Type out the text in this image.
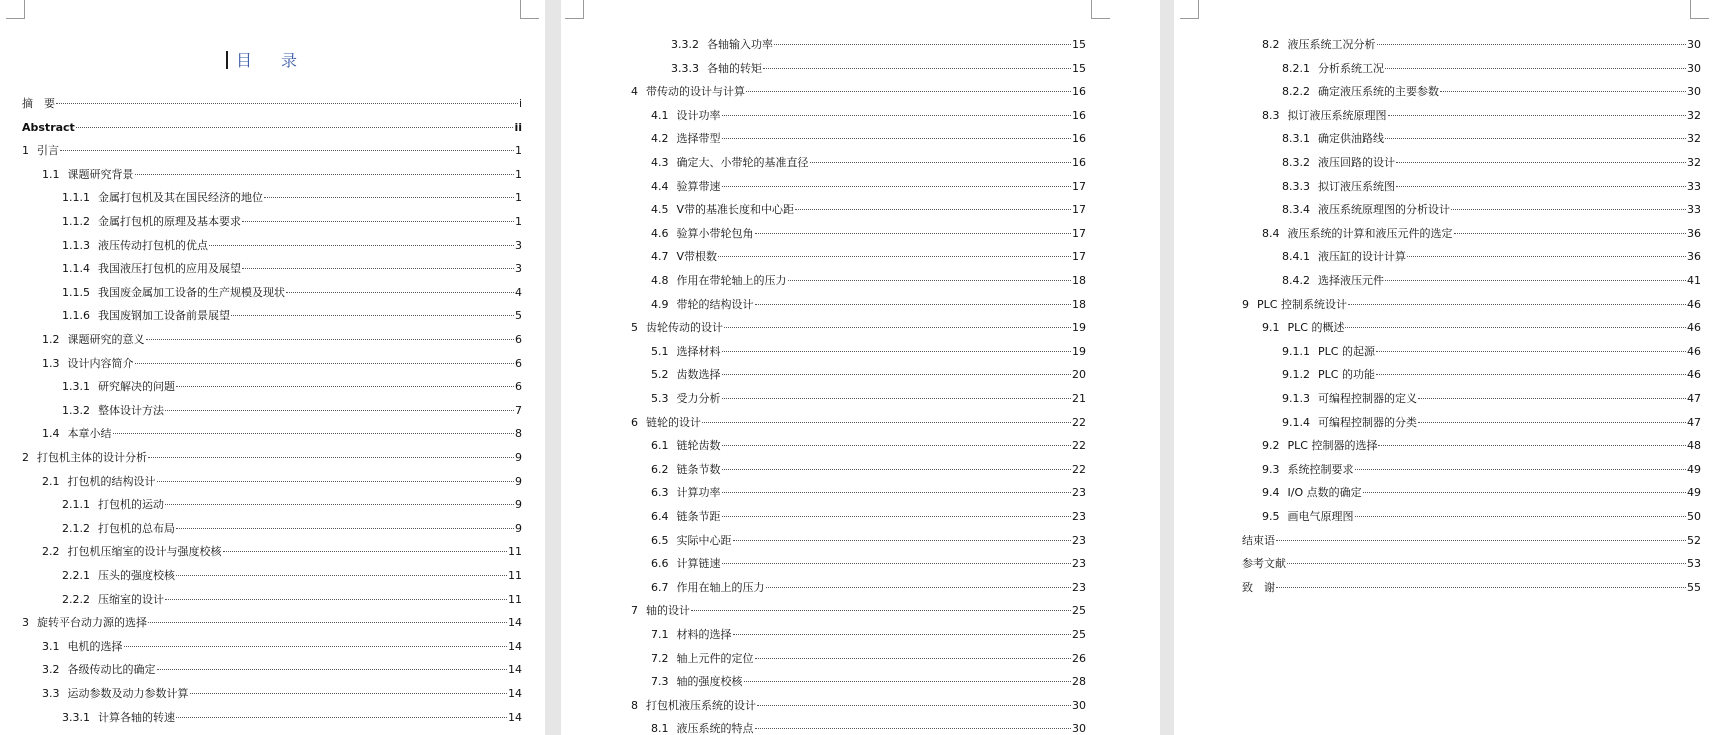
目 录
摘　要	i
Abstract	ii
1 引言	1
1.1 课题研究背景	1
1.1.1 金属打包机及其在国民经济的地位	1
1.1.2 金属打包机的原理及基本要求	1
1.1.3 液压传动打包机的优点	3
1.1.4 我国液压打包机的应用及展望	3
1.1.5 我国废金属加工设备的生产规模及现状	4
1.1.6 我国废钢加工设备前景展望	5
1.2 课题研究的意义	6
1.3 设计内容简介	6
1.3.1 研究解决的问题	6
1.3.2 整体设计方法	7
1.4 本章小结	8
2 打包机主体的设计分析	9
2.1 打包机的结构设计	9
2.1.1 打包机的运动	9
2.1.2 打包机的总布局	9
2.2 打包机压缩室的设计与强度校核	11
2.2.1 压头的强度校核	11
2.2.2 压缩室的设计	11
3 旋转平台动力源的选择	14
3.1 电机的选择	14
3.2 各级传动比的确定	14
3.3 运动参数及动力参数计算	14
3.3.1 计算各轴的转速	14
3.3.2 各轴输入功率	15
3.3.3 各轴的转矩	15
4 带传动的设计与计算	16
4.1 设计功率	16
4.2 选择带型	16
4.3 确定大、小带轮的基准直径	16
4.4 验算带速	17
4.5 V带的基准长度和中心距	17
4.6 验算小带轮包角	17
4.7 V带根数	17
4.8 作用在带轮轴上的压力	18
4.9 带轮的结构设计	18
5 齿轮传动的设计	19
5.1 选择材料	19
5.2 齿数选择	20
5.3 受力分析	21
6 链轮的设计	22
6.1 链轮齿数	22
6.2 链条节数	22
6.3 计算功率	23
6.4 链条节距	23
6.5 实际中心距	23
6.6 计算链速	23
6.7 作用在轴上的压力	23
7 轴的设计	25
7.1 材料的选择	25
7.2 轴上元件的定位	26
7.3 轴的强度校核	28
8 打包机液压系统的设计	30
8.1 液压系统的特点	30
8.2 液压系统工况分析	30
8.2.1 分析系统工况	30
8.2.2 确定液压系统的主要参数	30
8.3 拟订液压系统原理图	32
8.3.1 确定供油路线	32
8.3.2 液压回路的设计	32
8.3.3 拟订液压系统图	33
8.3.4 液压系统原理图的分析设计	33
8.4 液压系统的计算和液压元件的选定	36
8.4.1 液压缸的设计计算	36
8.4.2 选择液压元件	41
9 PLC 控制系统设计	46
9.1 PLC 的概述	46
9.1.1 PLC 的起源	46
9.1.2 PLC 的功能	46
9.1.3 可编程控制器的定义	47
9.1.4 可编程控制器的分类	47
9.2 PLC 控制器的选择	48
9.3 系统控制要求	49
9.4 I/O 点数的确定	49
9.5 画电气原理图	50
结束语	52
参考文献	53
致　谢	55
